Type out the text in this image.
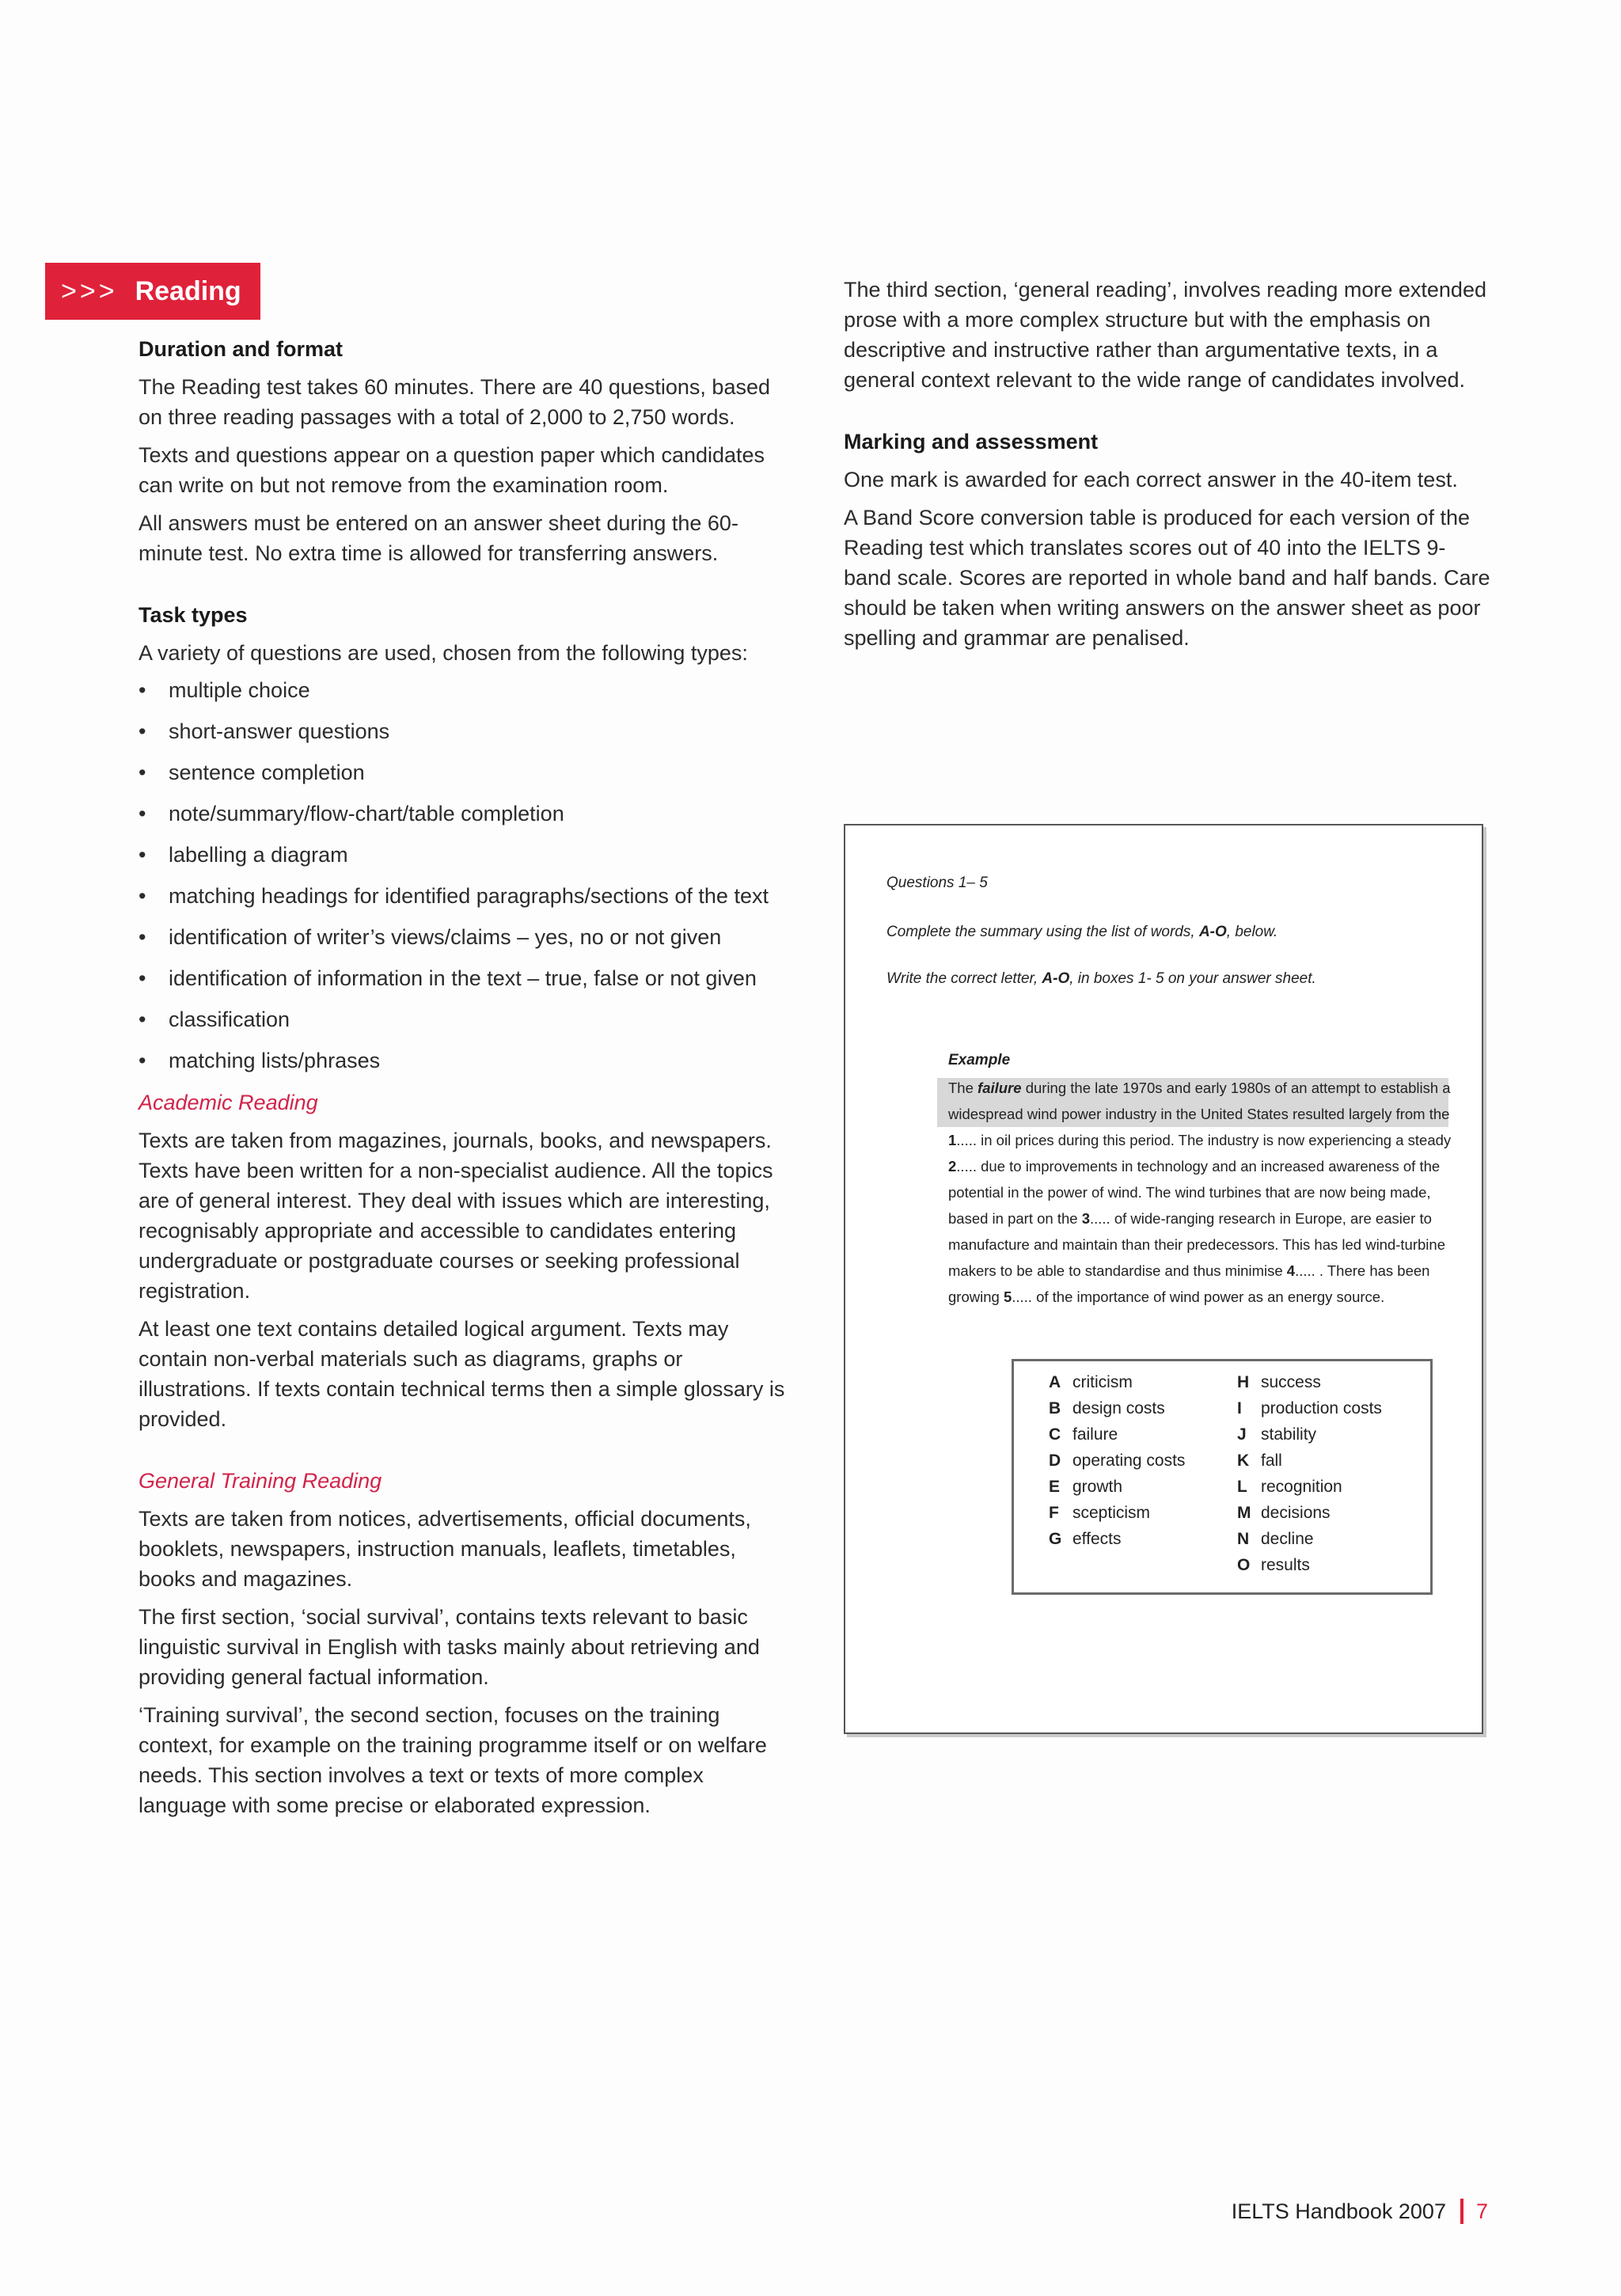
>>> Reading

Duration and format

The Reading test takes 60 minutes. There are 40 questions, based on three reading passages with a total of 2,000 to 2,750 words.

Texts and questions appear on a question paper which candidates can write on but not remove from the examination room.

All answers must be entered on an answer sheet during the 60-minute test. No extra time is allowed for transferring answers.

Task types

A variety of questions are used, chosen from the following types:

• multiple choice
• short-answer questions
• sentence completion
• note/summary/flow-chart/table completion
• labelling a diagram
• matching headings for identified paragraphs/sections of the text
• identification of writer’s views/claims – yes, no or not given
• identification of information in the text – true, false or not given
• classification
• matching lists/phrases

Academic Reading

Texts are taken from magazines, journals, books, and newspapers. Texts have been written for a non-specialist audience. All the topics are of general interest. They deal with issues which are interesting, recognisably appropriate and accessible to candidates entering undergraduate or postgraduate courses or seeking professional registration.

At least one text contains detailed logical argument. Texts may contain non-verbal materials such as diagrams, graphs or illustrations. If texts contain technical terms then a simple glossary is provided.

General Training Reading

Texts are taken from notices, advertisements, official documents, booklets, newspapers, instruction manuals, leaflets, timetables, books and magazines.

The first section, ‘social survival’, contains texts relevant to basic linguistic survival in English with tasks mainly about retrieving and providing general factual information.

‘Training survival’, the second section, focuses on the training context, for example on the training programme itself or on welfare needs. This section involves a text or texts of more complex language with some precise or elaborated expression.

The third section, ‘general reading’, involves reading more extended prose with a more complex structure but with the emphasis on descriptive and instructive rather than argumentative texts, in a general context relevant to the wide range of candidates involved.

Marking and assessment

One mark is awarded for each correct answer in the 40-item test.

A Band Score conversion table is produced for each version of the Reading test which translates scores out of 40 into the IELTS 9-band scale. Scores are reported in whole band and half bands. Care should be taken when writing answers on the answer sheet as poor spelling and grammar are penalised.

Questions 1– 5
Complete the summary using the list of words, A-O, below.
Write the correct letter, A-O, in boxes 1- 5 on your answer sheet.
Example
The failure during the late 1970s and early 1980s of an attempt to establish a widespread wind power industry in the United States resulted largely from the 1..... in oil prices during this period. The industry is now experiencing a steady 2..... due to improvements in technology and an increased awareness of the potential in the power of wind. The wind turbines that are now being made, based in part on the 3..... of wide-ranging research in Europe, are easier to manufacture and maintain than their predecessors. This has led wind-turbine makers to be able to standardise and thus minimise 4..... . There has been growing 5..... of the importance of wind power as an energy source.
A criticism
B design costs
C failure
D operating costs
E growth
F scepticism
G effects
H success
I	production costs
J stability
K fall
L recognition
M decisions
N decline
O results
IELTS Handbook 2007 7
